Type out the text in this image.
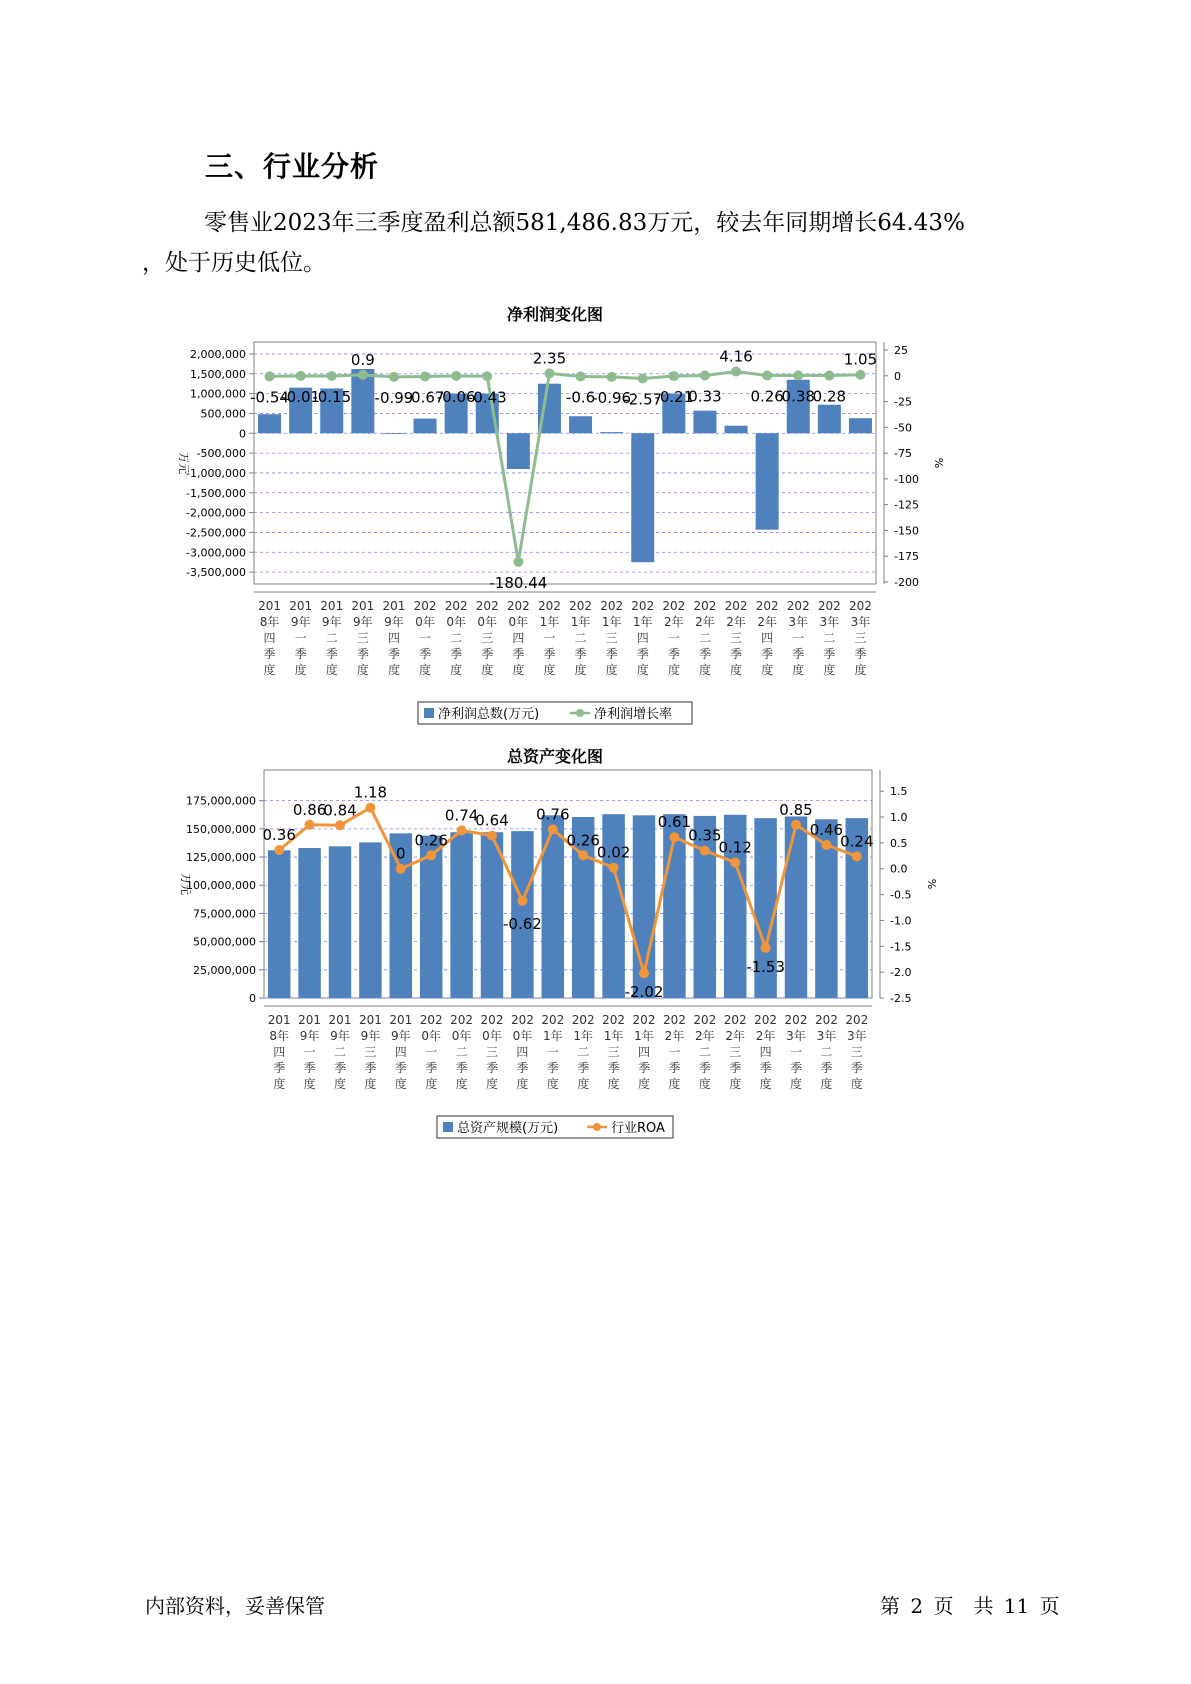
三、行业分析
零售业2023年三季度盈利总额581,486.83万元，较去年同期增长64.43%
，处于历史低位。
净利润变化图
2,000,000
1,500,000
1,000,000
500,000
0
-500,000
-1,000,000
-1,500,000
-2,000,000
-2,500,000
-3,000,000
-3,500,000
25
0
-25
-50
-75
-100
-125
-150
-175
-200
万元	%
-0.54
-0.01
-0.15
0.9
-0.99
-0.67
-0.06
-0.43
-180.44
2.35
-0.6
-0.96
-2.57
-0.21
0.33
4.16
0.26
0.38
0.28
1.05
201 8年四季度
201 9年一季度
201 9年二季度
201 9年三季度
201 9年四季度
202 0年一季度
202 0年二季度
202 0年三季度
202 0年四季度
202 1年一季度
202 1年二季度
202 1年三季度
202 1年四季度
202 2年一季度
202 2年二季度
202 2年三季度
202 2年四季度
202 3年一季度
202 3年二季度
202 3年三季度
净利润总数(万元)	净利润增长率
总资产变化图
175,000,000
150,000,000
125,000,000
100,000,000
75,000,000
50,000,000
25,000,000
0
1.5
1.0
0.5
0.0
-0.5
-1.0
-1.5
-2.0
-2.5
万元	%
0.36
0.86
0.84
1.18
0
0.26
0.74
0.64
-0.62
0.76
0.26
0.02
-2.02
0.61
0.35
0.12
-1.53
0.85
0.46
0.24
201 8年四季度
201 9年一季度
201 9年二季度
201 9年三季度
201 9年四季度
202 0年一季度
202 0年二季度
202 0年三季度
202 0年四季度
202 1年一季度
202 1年二季度
202 1年三季度
202 1年四季度
202 2年一季度
202 2年二季度
202 2年三季度
202 2年四季度
202 3年一季度
202 3年二季度
202 3年三季度
总资产规模(万元)	行业ROA
内部资料，妥善保管	第 2 页　共 11 页
